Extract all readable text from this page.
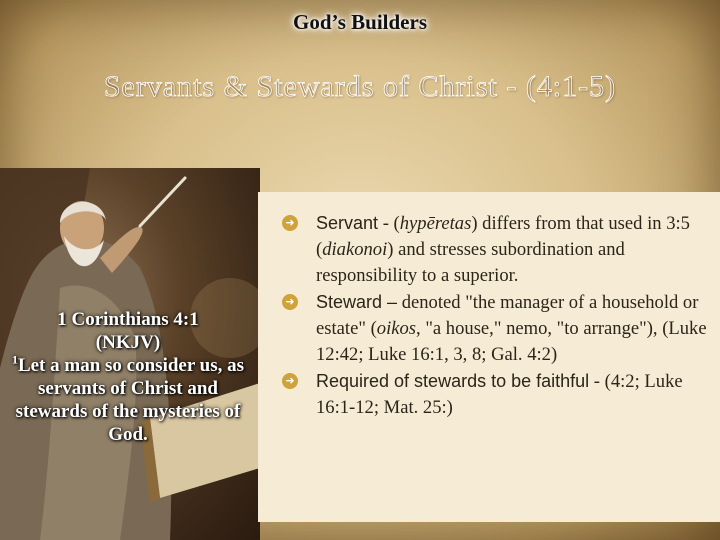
God’s Builders
Servants & Stewards of Christ - (4:1-5)
1 Corinthians 4:1
(NKJV)
$^1$Let a man so consider us, as servants of Christ and stewards of the mysteries of God.
➜ Servant - (hypēretas) differs from that used in 3:5 (diakonoi) and stresses subordination and responsibility to a superior.
➜ Steward – denoted "the manager of a household or estate" (oikos, "a house," nemo, "to arrange"), (Luke 12:42; Luke 16:1, 3, 8; Gal. 4:2)
➜ Required of stewards to be faithful - (4:2; Luke 16:1-12; Mat. 25:)
